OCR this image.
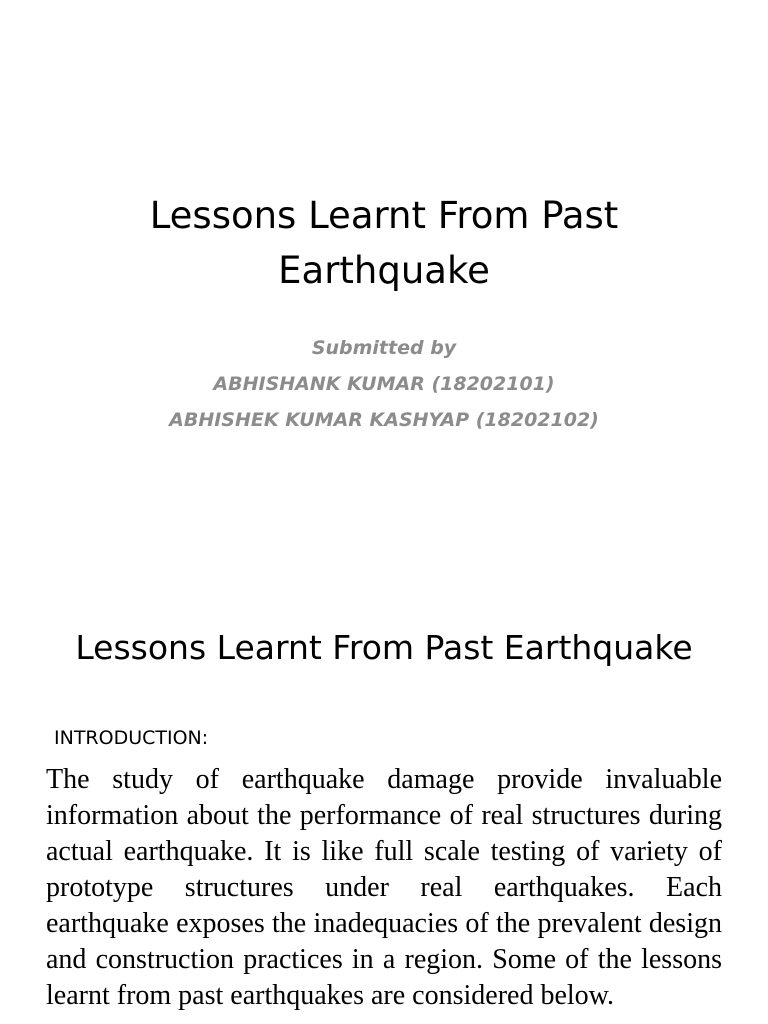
Lessons Learnt From Past
Earthquake
Submitted by
ABHISHANK KUMAR (18202101)
ABHISHEK KUMAR KASHYAP (18202102)
Lessons Learnt From Past Earthquake
INTRODUCTION:

The study of earthquake damage provide invaluable information about the performance of real structures during actual earthquake. It is like full scale testing of variety of prototype structures under real earthquakes. Each earthquake exposes the inadequacies of the prevalent design and construction practices in a region. Some of the lessons learnt from past earthquakes are considered below.
